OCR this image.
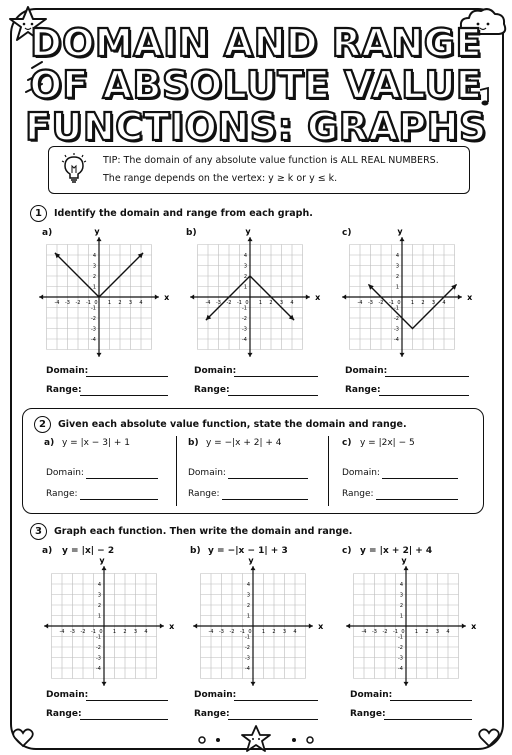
DOMAIN AND RANGE
OF ABSOLUTE VALUE
FUNCTIONS: GRAPHS
TIP: The domain of any absolute value function is ALL REAL NUMBERS.
The range depends on the vertex: y ≥ k or y ≤ k.
1	Identify the domain and range from each graph.
a)	b)	c)
x
y
-4 -3 -2 -1 0 1 2 3 4
4
3
2
1
-1
-2
-3
-4
x
y
-4 -3 -2 -1 0 1 2 3 4
4
3
2
1
-1
-2
-3
-4
x
y
-4 -3 -2 -1 0 1 2 3 4
4
3
2
1
-1
-2
-3
-4
Domain:
Range:
Domain:
Range:
Domain:
Range:
2	Given each absolute value function, state the domain and range.
a) y = |x − 3| + 1	b) y = −|x + 2| + 4	c) y = |2x| − 5
Domain:
Range:
Domain:
Range:
Domain:
Range:
3	Graph each function. Then write the domain and range.
a) y = |x| − 2	b) y = −|x − 1| + 3	c) y = |x + 2| + 4
x
y
-4 -3 -2 -1 0 1 2 3 4
4
3
2
1
-1
-2
-3
-4
x
y
-4 -3 -2 -1 0 1 2 3 4
4
3
2
1
-1
-2
-3
-4
x
y
-4 -3 -2 -1 0 1 2 3 4
4
3
2
1
-1
-2
-3
-4
Domain:
Range:
Domain:
Range:
Domain:
Range:
